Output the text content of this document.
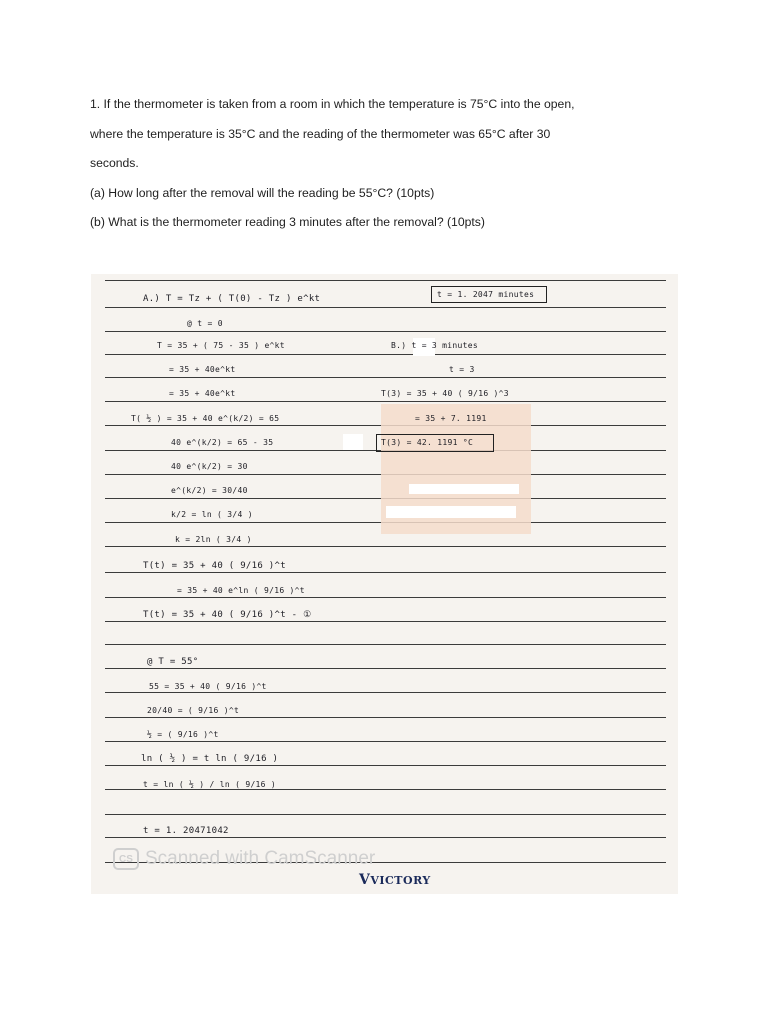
1. If the thermometer is taken from a room in which the temperature is 75°C into the open,

where the temperature is 35°C and the reading of the thermometer was 65°C after 30

seconds.

(a) How long after the removal will the reading be 55°C? (10pts)

(b) What is the thermometer reading 3 minutes after the removal? (10pts)

A.) T = Tz + ( T(0) - Tz ) e^kt
@ t = 0
T = 35 + ( 75 - 35 ) e^kt
= 35 + 40e^kt
= 35 + 40e^kt
T( ½ ) = 35 + 40 e^(k/2) = 65
40 e^(k/2) = 65 - 35
40 e^(k/2) = 30
e^(k/2) = 30/40
k/2 = ln ( 3/4 )
k = 2ln ( 3/4 )
T(t) = 35 + 40 ( 9/16 )^t
= 35 + 40 e^ln ( 9/16 )^t
T(t) = 35 + 40 ( 9/16 )^t - ①
@ T = 55°
55 = 35 + 40 ( 9/16 )^t
20/40 = ( 9/16 )^t
½ = ( 9/16 )^t
ln ( ½ ) = t ln ( 9/16 )
t = ln ( ½ ) / ln ( 9/16 )
t = 1. 20471042
t = 1. 2047 minutes
B.) t = 3 minutes
t = 3
T(3) = 35 + 40 ( 9/16 )^3
= 35 + 7. 1191
T(3) = 42. 1191 °C
CS Scanned with CamScanner
VVICTORY
